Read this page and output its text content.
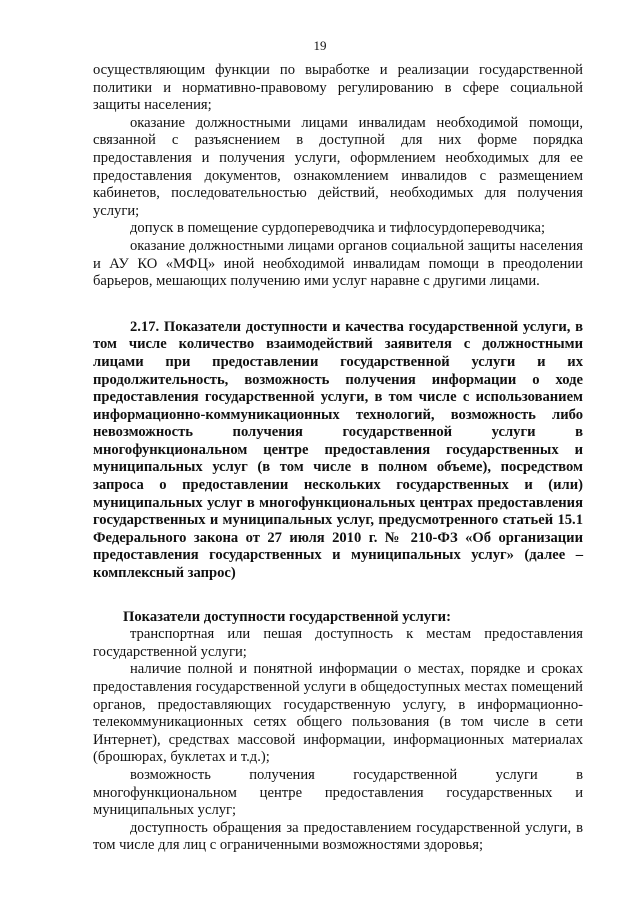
19

осуществляющим функции по выработке и реализации государственной политики и нормативно-правовому регулированию в сфере социальной защиты населения;

оказание должностными лицами инвалидам необходимой помощи, связанной с разъяснением в доступной для них форме порядка предоставления и получения услуги, оформлением необходимых для ее предоставления документов, ознакомлением инвалидов с размещением кабинетов, последовательностью действий, необходимых для получения услуги;

допуск в помещение сурдопереводчика и тифлосурдопереводчика;

оказание должностными лицами органов социальной защиты населения и АУ КО «МФЦ» иной необходимой инвалидам помощи в преодолении барьеров, мешающих получению ими услуг наравне с другими лицами.

2.17. Показатели доступности и качества государственной услуги, в том числе количество взаимодействий заявителя с должностными лицами при предоставлении государственной услуги и их продолжительность, возможность получения информации о ходе предоставления государственной услуги, в том числе с использованием информационно-коммуникационных технологий, возможность либо невозможность получения государственной услуги в многофункциональном центре предоставления государственных и муниципальных услуг (в том числе в полном объеме), посредством запроса о предоставлении нескольких государственных и (или) муниципальных услуг в многофункциональных центрах предоставления государственных и муниципальных услуг, предусмотренного статьей 15.1 Федерального закона от 27 июля 2010 г. № 210-ФЗ «Об организации предоставления государственных и муниципальных услуг» (далее – комплексный запрос)

Показатели доступности государственной услуги:

транспортная или пешая доступность к местам предоставления государственной услуги;

наличие полной и понятной информации о местах, порядке и сроках предоставления государственной услуги в общедоступных местах помещений органов, предоставляющих государственную услугу, в информационно-телекоммуникационных сетях общего пользования (в том числе в сети Интернет), средствах массовой информации, информационных материалах (брошюрах, буклетах и т.д.);

возможность получения государственной услуги в многофункциональном центре предоставления государственных и муниципальных услуг;

доступность обращения за предоставлением государственной услуги, в том числе для лиц с ограниченными возможностями здоровья;
